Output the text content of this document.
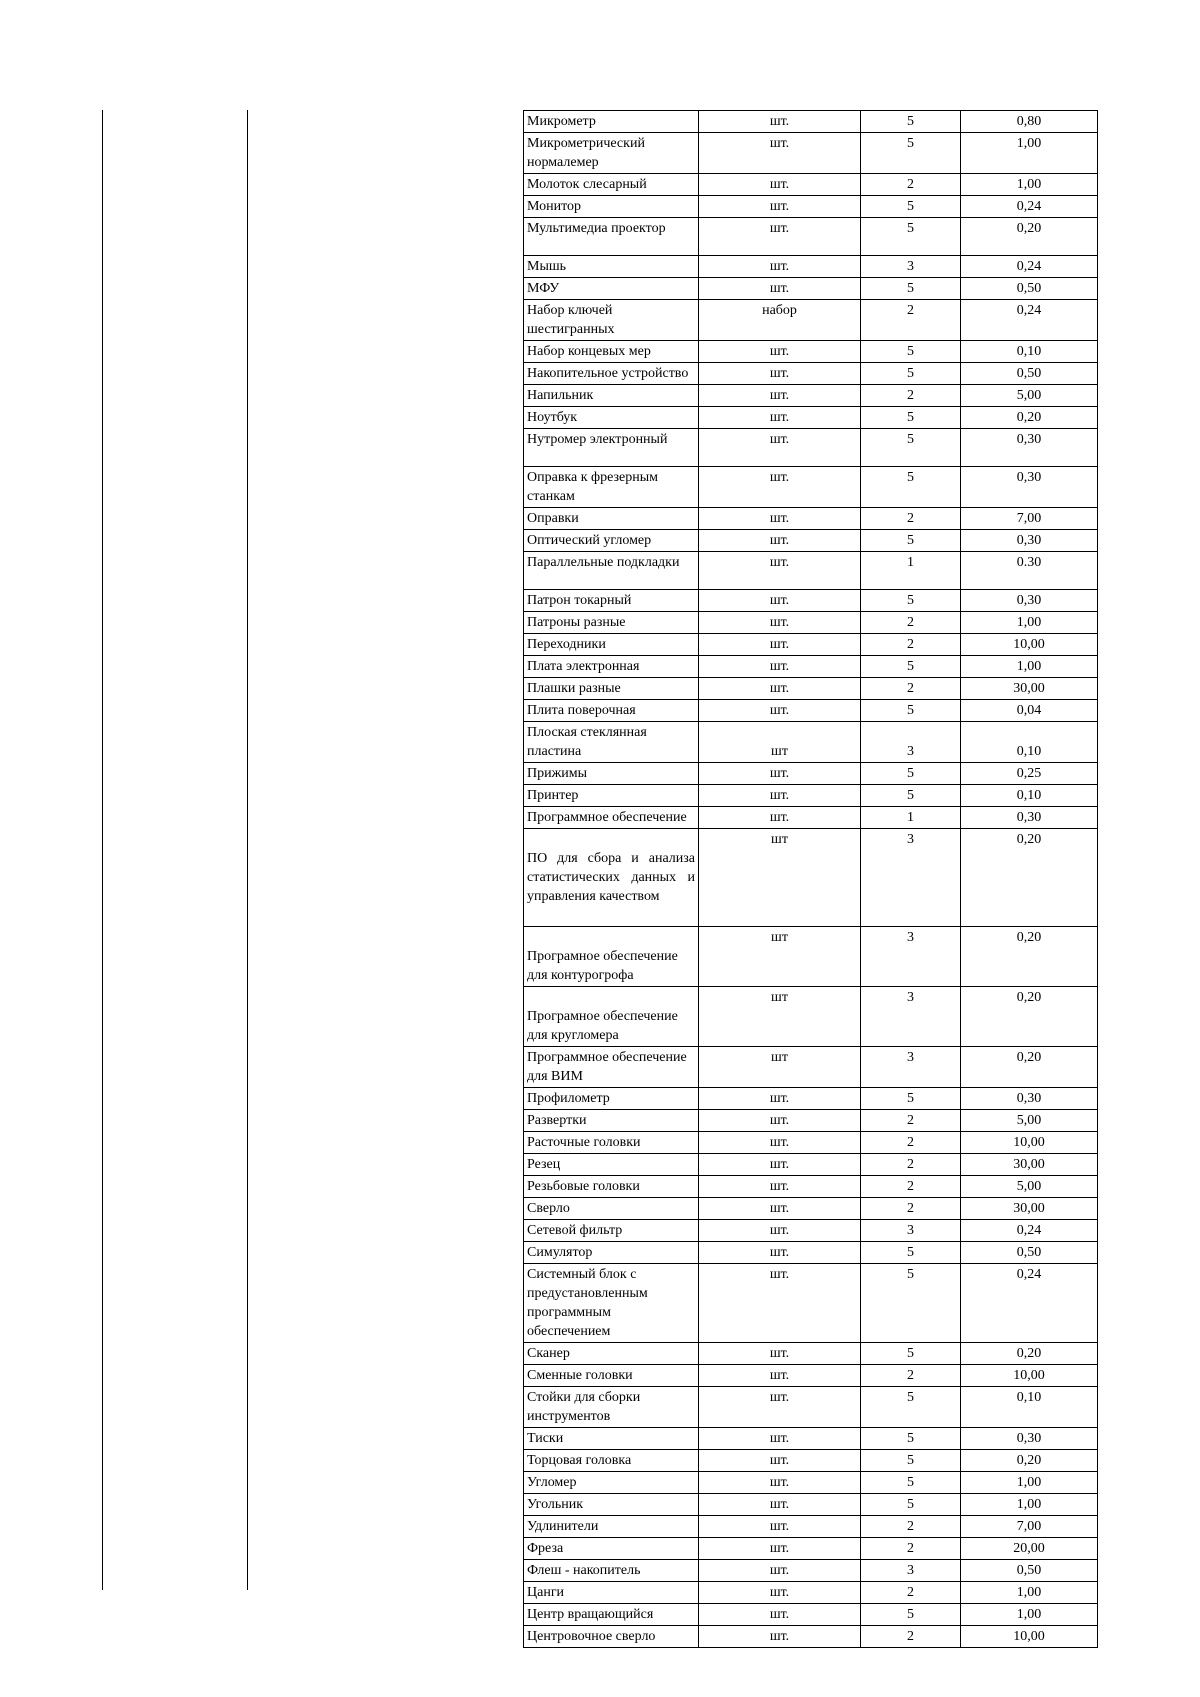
Микрометр	шт.	5	0,80
Микрометрический нормалемер	шт.	5	1,00
Молоток слесарный	шт.	2	1,00
Монитор	шт.	5	0,24
Мультимедиа проектор	шт.	5	0,20
Мышь	шт.	3	0,24
МФУ	шт.	5	0,50
Набор ключей шестигранных	набор	2	0,24
Набор концевых мер	шт.	5	0,10
Накопительное устройство	шт.	5	0,50
Напильник	шт.	2	5,00
Ноутбук	шт.	5	0,20
Нутромер электронный	шт.	5	0,30
Оправка к фрезерным станкам	шт.	5	0,30
Оправки	шт.	2	7,00
Оптический угломер	шт.	5	0,30
Параллельные подкладки	шт.	1	0.30
Патрон токарный	шт.	5	0,30
Патроны разные	шт.	2	1,00
Переходники	шт.	2	10,00
Плата электронная	шт.	5	1,00
Плашки разные	шт.	2	30,00
Плита поверочная	шт.	5	0,04
Плоская стеклянная пластина	шт	3	0,10
Прижимы	шт.	5	0,25
Принтер	шт.	5	0,10
Программное обеспечение	шт.	1	0,30
ПО для сбора и анализа статистических данных и управления качеством	шт	3	0,20
Програмное обеспечение для контурогрофа	шт	3	0,20
Програмное обеспечение для кругломера	шт	3	0,20
Программное обеспечение для ВИМ	шт	3	0,20
Профилометр	шт.	5	0,30
Развертки	шт.	2	5,00
Расточные головки	шт.	2	10,00
Резец	шт.	2	30,00
Резьбовые головки	шт.	2	5,00
Сверло	шт.	2	30,00
Сетевой фильтр	шт.	3	0,24
Симулятор	шт.	5	0,50
Системный блок с предустановленным программным обеспечением	шт.	5	0,24
Сканер	шт.	5	0,20
Сменные головки	шт.	2	10,00
Стойки для сборки инструментов	шт.	5	0,10
Тиски	шт.	5	0,30
Торцовая головка	шт.	5	0,20
Угломер	шт.	5	1,00
Угольник	шт.	5	1,00
Удлинители	шт.	2	7,00
Фреза	шт.	2	20,00
Флеш - накопитель	шт.	3	0,50
Цанги	шт.	2	1,00
Центр вращающийся	шт.	5	1,00
Центровочное сверло	шт.	2	10,00
